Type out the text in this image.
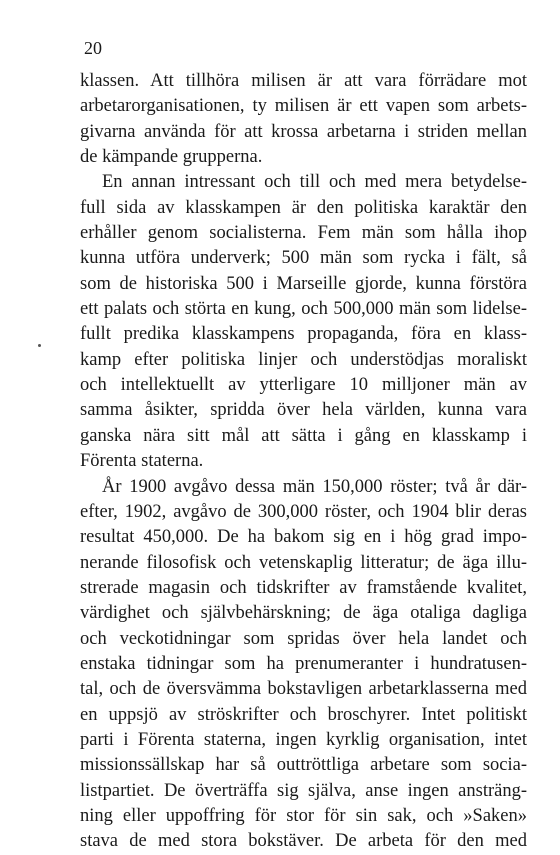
20
klassen. Att tillhöra milisen är att vara förrädare mot
arbetarorganisationen, ty milisen är ett vapen som arbets-
givarna använda för att krossa arbetarna i striden mellan
de kämpande grupperna.
En annan intressant och till och med mera betydelse-
full sida av klasskampen är den politiska karaktär den
erhåller genom socialisterna. Fem män som hålla ihop
kunna utföra underverk; 500 män som rycka i fält, så
som de historiska 500 i Marseille gjorde, kunna förstöra
ett palats och störta en kung, och 500,000 män som lidelse-
fullt predika klasskampens propaganda, föra en klass-
kamp efter politiska linjer och understödjas moraliskt
och intellektuellt av ytterligare 10 milljoner män av
samma åsikter, spridda över hela världen, kunna vara
ganska nära sitt mål att sätta i gång en klasskamp i
Förenta staterna.
År 1900 avgåvo dessa män 150,000 röster; två år där-
efter, 1902, avgåvo de 300,000 röster, och 1904 blir deras
resultat 450,000. De ha bakom sig en i hög grad impo-
nerande filosofisk och vetenskaplig litteratur; de äga illu-
strerade magasin och tidskrifter av framstående kvalitet,
värdighet och självbehärskning; de äga otaliga dagliga
och veckotidningar som spridas över hela landet och
enstaka tidningar som ha prenumeranter i hundratusen-
tal, och de översvämma bokstavligen arbetarklasserna med
en uppsjö av ströskrifter och broschyrer. Intet politiskt
parti i Förenta staterna, ingen kyrklig organisation, intet
missionssällskap har så outtröttliga arbetare som socia-
listpartiet. De överträffa sig själva, anse ingen ansträng-
ning eller uppoffring för stor för sin sak, och »Saken»
stava de med stora bokstäver. De arbeta för den med
